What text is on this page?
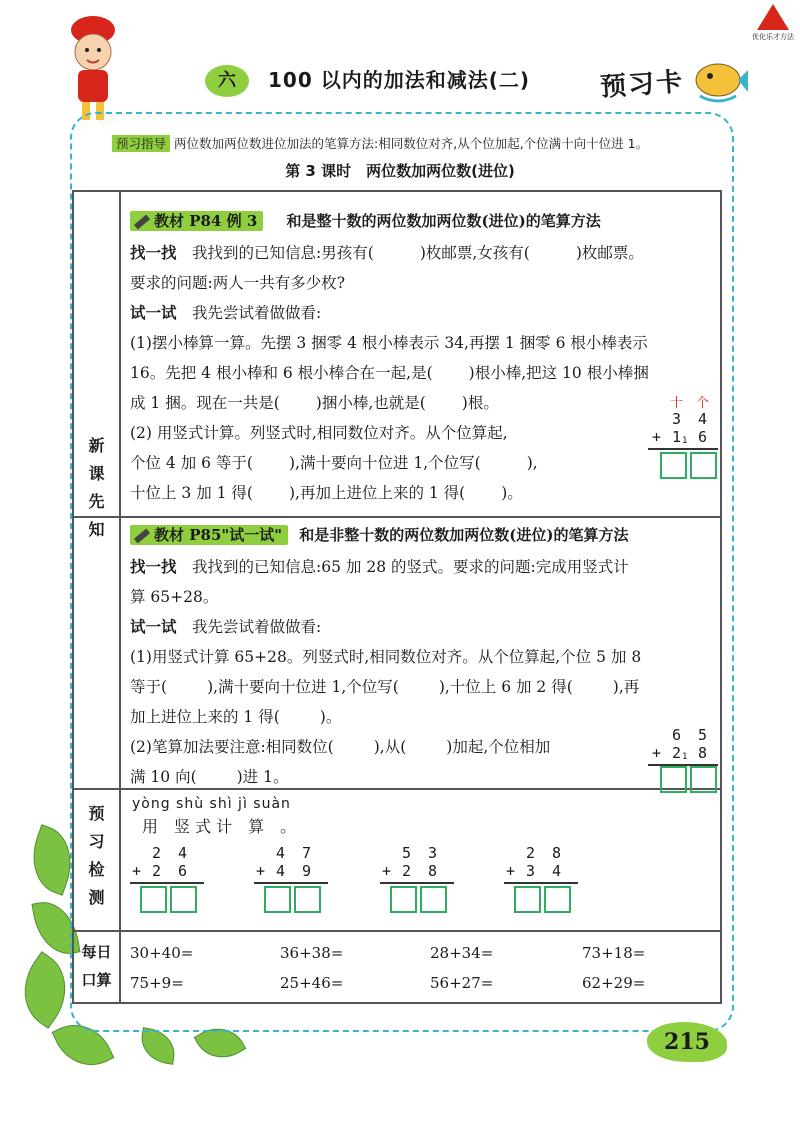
优化乐才方法
六	100 以内的加法和减法(二)	预习卡
预习指导 两位数加两位数进位加法的笔算方法:相同数位对齐,从个位加起,个位满十向十位进 1。
第 3 课时　两位数加两位数(进位)
新
课
先
知
预
习
检
测
每日
口算
教材 P84 例 3 和是整十数的两位数加两位数(进位)的笔算方法
找一找　 我找到的已知信息:男孩有(	)枚邮票,女孩有(	)枚邮票。
要求的问题:两人一共有多少枚?
试一试　 我先尝试着做做看:
(1)摆小棒算一算。先摆 3 捆零 4 根小棒表示 34,再摆 1 捆零 6 根小棒表示
16。先把 4 根小棒和 6 根小棒合在一起,是( )根小棒,把这 10 根小棒捆
成 1 捆。现在一共是( )捆小棒,也就是( )根。
(2) 用竖式计算。列竖式时,相同数位对齐。从个位算起,
个位 4 加 6 等于( ),满十要向十位进 1,个位写(	),
十位上 3 加 1 得( ),再加上进位上来的 1 得( )。
十 个
3 4
+ 1 1 6
教材 P85"试一试" 和是非整十数的两位数加两位数(进位)的笔算方法
找一找　 我找到的已知信息:65 加 28 的竖式。要求的问题:完成用竖式计
算 65+28。
试一试　 我先尝试着做做看:
(1)用竖式计算 65+28。列竖式时,相同数位对齐。从个位算起,个位 5 加 8
等于(	),满十要向十位进 1,个位写(	),十位上 6 加 2 得(	),再
加上进位上来的 1 得(	)。
(2)笔算加法要注意:相同数位(	),从(	)加起,个位相加
满 10 向(	)进 1。
6 5
+ 2 1 8
yòng shù shì jì suàn
用　竖 式 计　算　。
2 4
+ 2 6
4 7
+ 4 9
5 3
+ 2 8
2 8
+ 3 4
30+40=	36+38=	28+34=	73+18=
75+9=	25+46=	56+27=	62+29=
215
